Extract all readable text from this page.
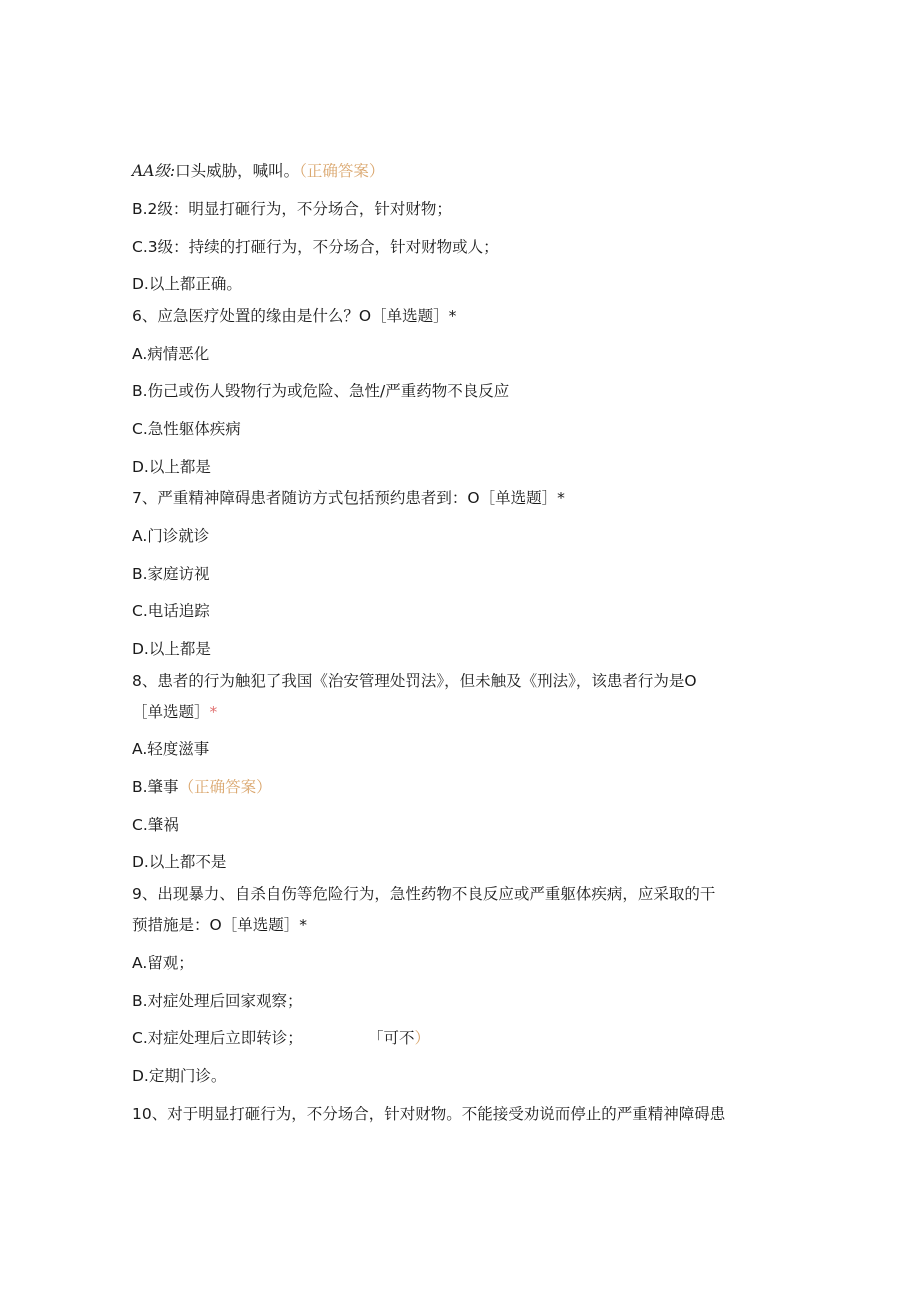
AA级:口头威胁，喊叫。（正确答案）
B.2级：明显打砸行为，不分场合，针对财物；
C.3级：持续的打砸行为，不分场合，针对财物或人；
D.以上都正确。
6、应急医疗处置的缘由是什么？O［单选题］*
A.病情恶化
B.伤己或伤人毁物行为或危险、急性/严重药物不良反应
C.急性躯体疾病
D.以上都是
7、严重精神障碍患者随访方式包括预约患者到：O［单选题］*
A.门诊就诊
B.家庭访视
C.电话追踪
D.以上都是
8、患者的行为触犯了我国《治安管理处罚法》，但未触及《刑法》，该患者行为是O
［单选题］*
A.轻度滋事
B.肇事（正确答案）
C.肇祸
D.以上都不是
9、出现暴力、自杀自伤等危险行为，急性药物不良反应或严重躯体疾病，应采取的干
预措施是：O［单选题］*
A.留观；
B.对症处理后回家观察；
C.对症处理后立即转诊；	「可不）
D.定期门诊。
10、对于明显打砸行为，不分场合，针对财物。不能接受劝说而停止的严重精神障碍患
